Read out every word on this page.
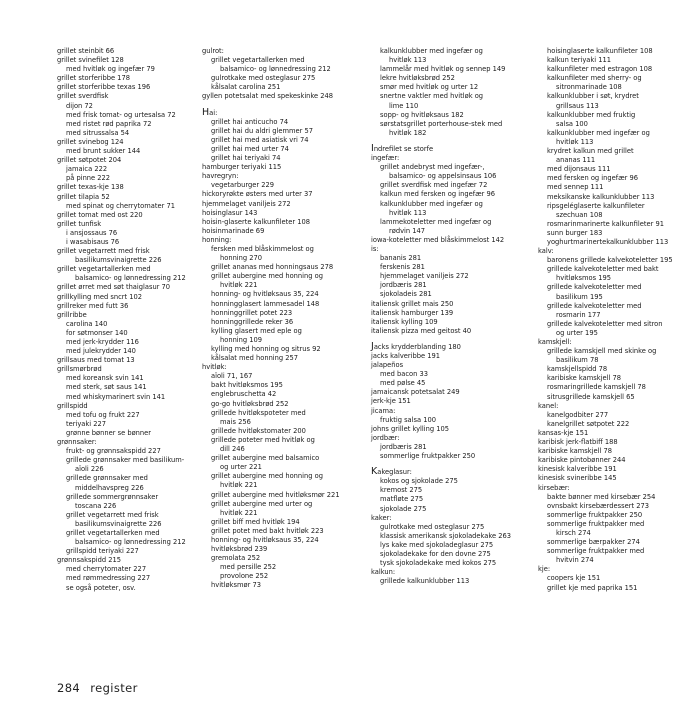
grillet steinbit 66
grillet svinefilet 128
med hvitløk og ingefær 79
grillet storferibbe 178
grillet storferibbe texas 196
grillet sverdfisk
dijon 72
med frisk tomat- og urtesalsa 72
med ristet rød paprika 72
med sitrussalsa 54
grillet svinebog 124
med brunt sukker 144
grillet søtpotet 204
jamaica 222
på pinne 222
grillet texas-kje 138
grillet tilapia 52
med spinat og cherrytomater 71
grillet tomat med ost 220
grillet tunfisk
i ansjossaus 76
i wasabisaus 76
grillet vegetarrett med frisk
basilikumsvinaigrette 226
grillet vegetartallerken med
balsamico- og lønnedressing 212
grillet ørret med søt thaiglasur 70
grillkylling med sncrt 102
grillreker med futt 36
grillribbe
carolina 140
for søtmonser 140
med jerk-krydder 116
med julekrydder 140
grillsaus med tomat 13
grillsmørbrød
med koreansk svin 141
med sterk, søt saus 141
med whiskymarinert svin 141
grillspidd
med tofu og frukt 227
teriyaki 227
grønne bønner se bønner
grønnsaker:
frukt- og grønnsakspidd 227
grillede grønnsaker med basilikum-
aïoli 226
grillede grønnsaker med
middelhavspreg 226
grillede sommergrønnsaker
toscana 226
grillet vegetarrett med frisk
basilikumsvinaigrette 226
grillet vegetartallerken med
balsamico- og lønnedressing 212
grillspidd teriyaki 227
grønnsakspidd 215
med cherrytomater 227
med rømmedressing 227
se også poteter, osv.
gulrot:
grillet vegetartallerken med
balsamico- og lønnedressing 212
gulrotkake med osteglasur 275
kålsalat carolina 251
gyllen potetsalat med spekeskinke 248
Hai:
grillet hai anticucho 74
grillet hai du aldri glemmer 57
grillet hai med asiatisk vri 74
grillet hai med urter 74
grillet hai teriyaki 74
hamburger teriyaki 115
havregryn:
vegetarburger 229
hickoryrøkte østers med urter 37
hjemmelaget vaniljeis 272
hoisinglasur 143
hoisin-glaserte kalkunfileter 108
hoisinmarinade 69
honning:
fersken med blåskimmelost og
honning 270
grillet ananas med honningsaus 278
grillet aubergine med honning og
hvitløk 221
honning- og hvitløksaus 35, 224
honningglasert lammesadel 148
honninggrillet potet 223
honninggrillede reker 36
kylling glasert med eple og
honning 109
kylling med honning og sitrus 92
kålsalat med honning 257
hvitløk:
aïoli 71, 167
bakt hvitløksmos 195
englebruschetta 42
go-go hvitløksbrød 252
grillede hvitløkspoteter med
mais 256
grillede hvitløkstomater 200
grillede poteter med hvitløk og
dill 246
grillet aubergine med balsamico
og urter 221
grillet aubergine med honning og
hvitløk 221
grillet aubergine med hvitløksmør 221
grillet aubergine med urter og
hvitløk 221
grillet biff med hvitløk 194
grillet potet med bakt hvitløk 223
honning- og hvitløksaus 35, 224
hvitløksbrød 239
gremolata 252
med persille 252
provolone 252
hvitløksmør 73
kalkunklubber med ingefær og
hvitløk 113
lammelår med hvitløk og sennep 149
lekre hvitløksbrød 252
smør med hvitløk og urter 12
snertne vaktler med hvitløk og
lime 110
sopp- og hvitløksaus 182
sørstatsgrillet porterhouse-stek med
hvitløk 182
Indrefilet se storfe
ingefær:
grillet andebryst med ingefær-,
balsamico- og appelsinsaus 106
grillet sverdfisk med ingefær 72
kalkun med fersken og ingefær 96
kalkunklubber med ingefær og
hvitløk 113
lammekoteletter med ingefær og
rødvin 147
iowa-koteletter med blåskimmelost 142
is:
bananis 281
ferskenis 281
hjemmelaget vaniljeis 272
jordbæris 281
sjokoladeis 281
italiensk grillet mais 250
italiensk hamburger 139
italiensk kylling 109
italiensk pizza med geitost 40
Jacks krydderblanding 180
jacks kalveribbe 191
jalapeños
med bacon 33
med pølse 45
jamaicansk potetsalat 249
jerk-kje 151
jicama:
fruktig salsa 100
johns grillet kylling 105
jordbær:
jordbæris 281
sommerlige fruktpakker 250
Kakeglasur:
kokos og sjokolade 275
kremost 275
matfløte 275
sjokolade 275
kaker:
gulrotkake med osteglasur 275
klassisk amerikansk sjokoladekake 263
lys kake med sjokoladeglasur 275
sjokoladekake for den dovne 275
tysk sjokoladekake med kokos 275
kalkun:
grillede kalkunklubber 113
hoisinglaserte kalkunfileter 108
kalkun teriyaki 111
kalkunfileter med estragon 108
kalkunfileter med sherry- og
sitronmarinade 108
kalkunklubber i søt, krydret
grillsaus 113
kalkunklubber med fruktig
salsa 100
kalkunklubber med ingefær og
hvitløk 113
krydret kalkun med grillet
ananas 111
med dijonsaus 111
med fersken og ingefær 96
med sennep 111
meksikanske kalkunklubber 113
ripsgeléglaserte kalkunfileter
szechuan 108
rosmarinmarinerte kalkunfileter 91
sunn burger 183
yoghurtmarinertekalkunklubber 113
kalv:
baronens grillede kalvekoteletter 195
grillede kalvekoteletter med bakt
hvitløksmos 195
grillede kalvekoteletter med
basilikum 195
grillede kalvekoteletter med
rosmarin 177
grillede kalvekoteletter med sitron
og urter 195
kamskjell:
grillede kamskjell med skinke og
basilikum 78
kamskjellspidd 78
karibiske kamskjell 78
rosmaringrillede kamskjell 78
sitrusgrillede kamskjell 65
kanel:
kanelgodbiter 277
kanelgrillet søtpotet 222
kansas-kje 151
karibisk jerk-flatbiff 188
karibiske kamskjell 78
karibiske pintobønner 244
kinesisk kalveribbe 191
kinesisk svineribbe 145
kirsebær:
bakte bønner med kirsebær 254
ovnsbakt kirsebærdessert 273
sommerlige fruktpakker 250
sommerlige fruktpakker med
kirsch 274
sommerlige bærpakker 274
sommerlige fruktpakker med
hvitvin 274
kje:
coopers kje 151
grillet kje med paprika 151
284 register
